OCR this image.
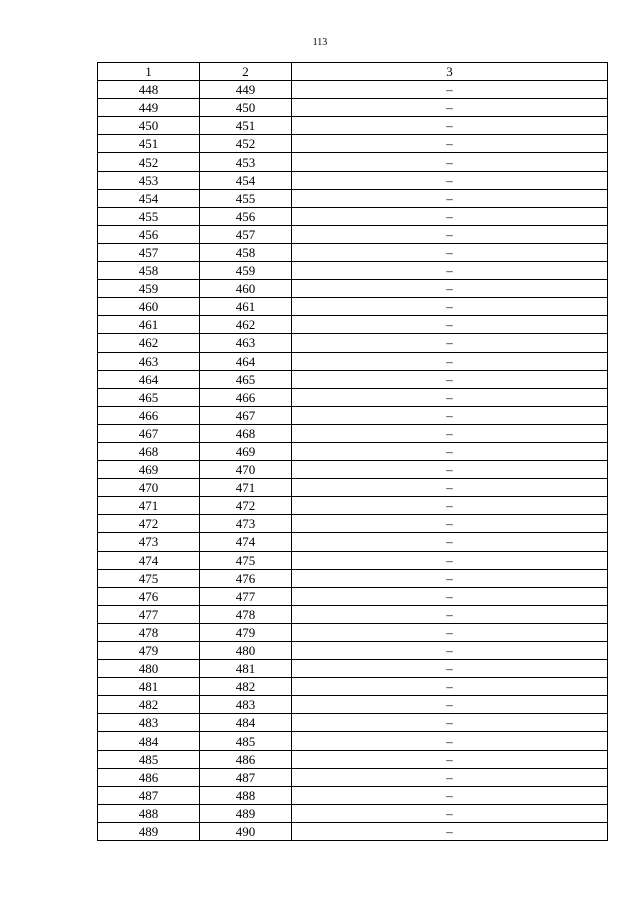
113
1	2	3
448	449	–
449	450	–
450	451	–
451	452	–
452	453	–
453	454	–
454	455	–
455	456	–
456	457	–
457	458	–
458	459	–
459	460	–
460	461	–
461	462	–
462	463	–
463	464	–
464	465	–
465	466	–
466	467	–
467	468	–
468	469	–
469	470	–
470	471	–
471	472	–
472	473	–
473	474	–
474	475	–
475	476	–
476	477	–
477	478	–
478	479	–
479	480	–
480	481	–
481	482	–
482	483	–
483	484	–
484	485	–
485	486	–
486	487	–
487	488	–
488	489	–
489	490	–
